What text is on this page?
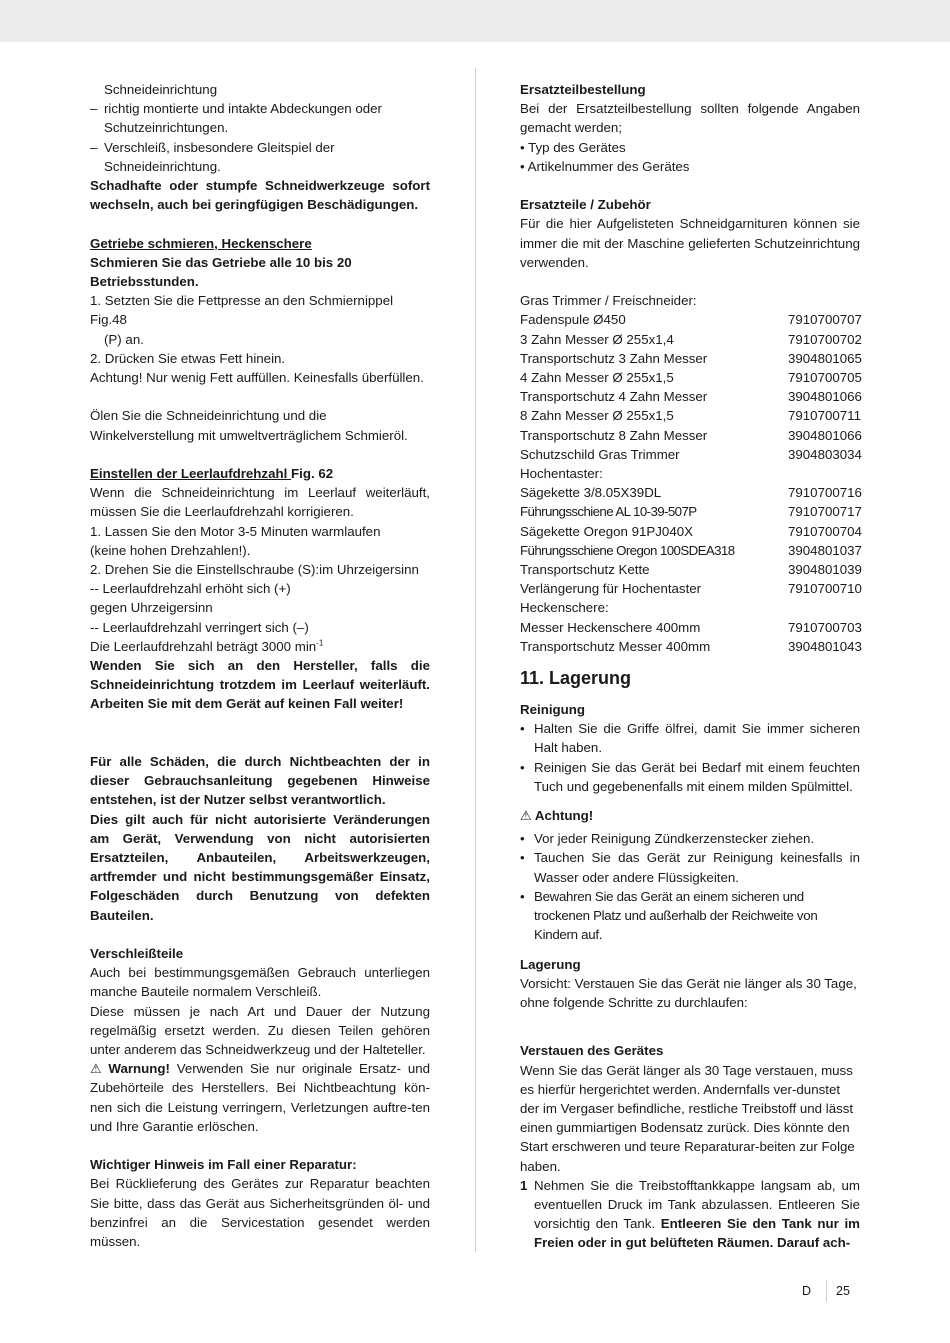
Schneideinrichtung

– richtig montierte und intakte Abdeckungen oder Schutzeinrichtungen.

– Verschleiß, insbesondere Gleitspiel der Schneideinrichtung.

Schadhafte oder stumpfe Schneidwerkzeuge sofort wechseln, auch bei geringfügigen Beschädigungen.

Getriebe schmieren, Heckenschere

Schmieren Sie das Getriebe alle 10 bis 20 Betriebsstunden.

1. Setzten Sie die Fettpresse an den Schmiernippel Fig.48

(P) an.

2. Drücken Sie etwas Fett hinein.

Achtung! Nur wenig Fett auffüllen. Keinesfalls überfüllen.

Ölen Sie die Schneideinrichtung und die Winkelverstellung mit umweltverträglichem Schmieröl.

Einstellen der Leerlaufdrehzahl Fig. 62

Wenn die Schneideinrichtung im Leerlauf weiterläuft, müssen Sie die Leerlaufdrehzahl korrigieren.

1. Lassen Sie den Motor 3-5 Minuten warmlaufen

(keine hohen Drehzahlen!).

2. Drehen Sie die Einstellschraube (S):im Uhrzeigersinn

-- Leerlaufdrehzahl erhöht sich (+)

gegen Uhrzeigersinn

-- Leerlaufdrehzahl verringert sich (–)

Die Leerlaufdrehzahl beträgt 3000 $\min^{-1}$

Wenden Sie sich an den Hersteller, falls die Schneideinrichtung trotzdem im Leerlauf weiterläuft. Arbeiten Sie mit dem Gerät auf keinen Fall weiter!

Für alle Schäden, die durch Nichtbeachten der in dieser Gebrauchsanleitung gegebenen Hinweise entstehen, ist der Nutzer selbst verantwortlich.

Dies gilt auch für nicht autorisierte Veränderungen am Gerät, Verwendung von nicht autorisierten Ersatzteilen, Anbauteilen, Arbeitswerkzeugen, artfremder und nicht bestimmungsgemäßer Einsatz, Folgeschäden durch Benutzung von defekten Bauteilen.

Verschleißteile

Auch bei bestimmungsgemäßen Gebrauch unterliegen manche Bauteile normalem Verschleiß.

Diese müssen je nach Art und Dauer der Nutzung regelmäßig ersetzt werden. Zu diesen Teilen gehören unter anderem das Schneidwerkzeug und der Halteteller.

⚠ Warnung! Verwenden Sie nur originale Ersatz- und Zubehörteile des Herstellers. Bei Nichtbeachtung kön-nen sich die Leistung verringern, Verletzungen auftre-ten und Ihre Garantie erlöschen.

Wichtiger Hinweis im Fall einer Reparatur:

Bei Rücklieferung des Gerätes zur Reparatur beachten Sie bitte, dass das Gerät aus Sicherheitsgründen öl- und benzinfrei an die Servicestation gesendet werden müssen.

Ersatzteilbestellung

Bei der Ersatzteilbestellung sollten folgende Angaben gemacht werden;

• Typ des Gerätes

• Artikelnummer des Gerätes

Ersatzteile / Zubehör

Für die hier Aufgelisteten Schneidgarnituren können sie immer die mit der Maschine gelieferten Schutzeinrichtung verwenden.

Gras Trimmer / Freischneider:
Fadenspule Ø450	7910700707
3 Zahn Messer Ø 255x1,4	7910700702
Transportschutz 3 Zahn Messer	3904801065
4 Zahn Messer Ø 255x1,5	7910700705
Transportschutz 4 Zahn Messer	3904801066
8 Zahn Messer Ø 255x1,5	7910700711
Transportschutz 8 Zahn Messer	3904801066
Schutzschild Gras Trimmer	3904803034
Hochentaster:
Sägekette 3/8.05X39DL	7910700716
Führungsschiene AL 10-39-507P	7910700717
Sägekette Oregon 91PJ040X	7910700704
Führungsschiene Oregon 100SDEA318	3904801037
Transportschutz Kette	3904801039
Verlängerung für Hochentaster	7910700710
Heckenschere:
Messer Heckenschere 400mm	7910700703
Transportschutz Messer 400mm	3904801043
11. Lagerung

Reinigung

• Halten Sie die Griffe ölfrei, damit Sie immer sicheren Halt haben.

• Reinigen Sie das Gerät bei Bedarf mit einem feuchten Tuch und gegebenenfalls mit einem milden Spülmittel.

⚠ Achtung!

• Vor jeder Reinigung Zündkerzenstecker ziehen.

• Tauchen Sie das Gerät zur Reinigung keinesfalls in Wasser oder andere Flüssigkeiten.

• Bewahren Sie das Gerät an einem sicheren und trockenen Platz und außerhalb der Reichweite von Kindern auf.

Lagerung

Vorsicht: Verstauen Sie das Gerät nie länger als 30 Tage, ohne folgende Schritte zu durchlaufen:

Verstauen des Gerätes

Wenn Sie das Gerät länger als 30 Tage verstauen, muss es hierfür hergerichtet werden. Andernfalls ver-dunstet der im Vergaser befindliche, restliche Treibstoff und lässt einen gummiartigen Bodensatz zurück. Dies könnte den Start erschweren und teure Reparaturar-beiten zur Folge haben.

1 Nehmen Sie die Treibstofftankkappe langsam ab, um eventuellen Druck im Tank abzulassen. Entleeren Sie vorsichtig den Tank. Entleeren Sie den Tank nur im Freien oder in gut belüfteten Räumen. Darauf ach-

D 25
